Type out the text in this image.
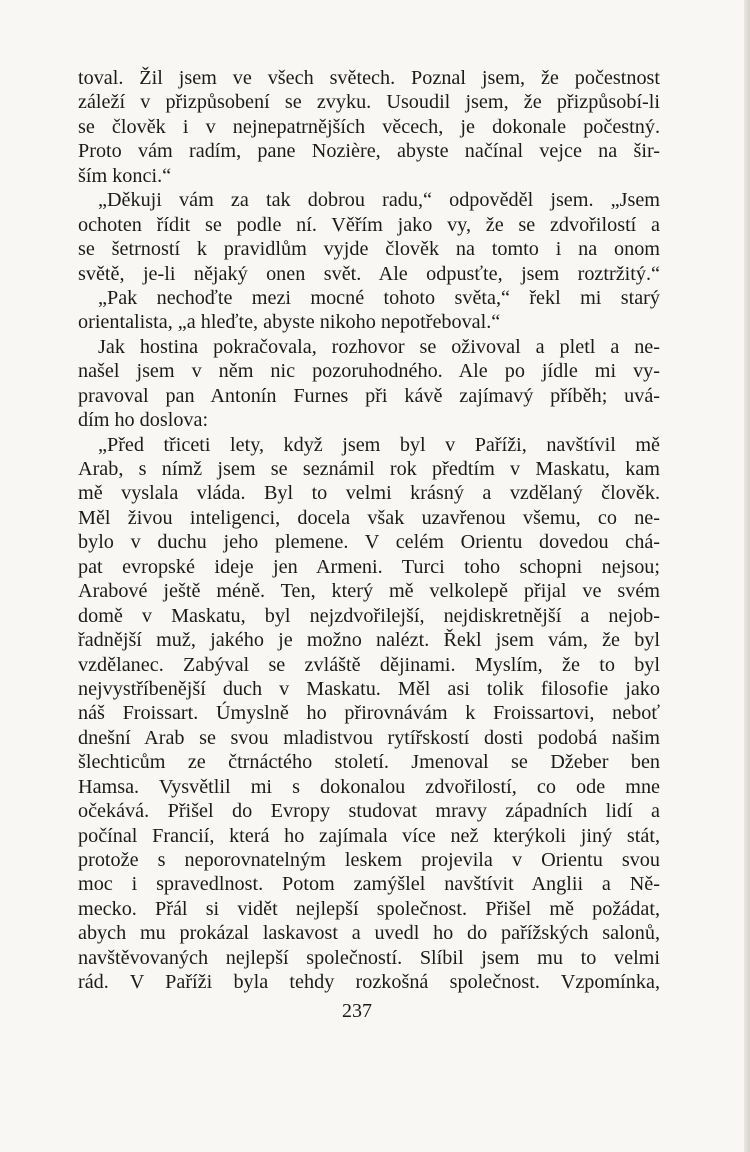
toval. Žil jsem ve všech světech. Poznal jsem, že počestnost
záleží v přizpůsobení se zvyku. Usoudil jsem, že přizpůsobí-li
se člověk i v nejnepatrnějších věcech, je dokonale počestný.
Proto vám radím, pane Nozière, abyste načínal vejce na šir-
ším konci.“
„Děkuji vám za tak dobrou radu,“ odpověděl jsem. „Jsem
ochoten řídit se podle ní. Věřím jako vy, že se zdvořilostí a
se šetrností k pravidlům vyjde člověk na tomto i na onom
světě, je-li nějaký onen svět. Ale odpusťte, jsem roztržitý.“
„Pak nechoďte mezi mocné tohoto světa,“ řekl mi starý
orientalista, „a hleďte, abyste nikoho nepotřeboval.“
Jak hostina pokračovala, rozhovor se oživoval a pletl a ne-
našel jsem v něm nic pozoruhodného. Ale po jídle mi vy-
pravoval pan Antonín Furnes při kávě zajímavý příběh; uvá-
dím ho doslova:
„Před třiceti lety, když jsem byl v Paříži, navštívil mě
Arab, s nímž jsem se seznámil rok předtím v Maskatu, kam
mě vyslala vláda. Byl to velmi krásný a vzdělaný člověk.
Měl živou inteligenci, docela však uzavřenou všemu, co ne-
bylo v duchu jeho plemene. V celém Orientu dovedou chá-
pat evropské ideje jen Armeni. Turci toho schopni nejsou;
Arabové ještě méně. Ten, který mě velkolepě přijal ve svém
domě v Maskatu, byl nejzdvořilejší, nejdiskretnější a nejob-
řadnější muž, jakého je možno nalézt. Řekl jsem vám, že byl
vzdělanec. Zabýval se zvláště dějinami. Myslím, že to byl
nejvystříbenější duch v Maskatu. Měl asi tolik filosofie jako
náš Froissart. Úmyslně ho přirovnávám k Froissartovi, neboť
dnešní Arab se svou mladistvou rytířskostí dosti podobá našim
šlechticům ze čtrnáctého století. Jmenoval se Džeber ben
Hamsa. Vysvětlil mi s dokonalou zdvořilostí, co ode mne
očekává. Přišel do Evropy studovat mravy západních lidí a
počínal Francií, která ho zajímala více než kterýkoli jiný stát,
protože s neporovnatelným leskem projevila v Orientu svou
moc i spravedlnost. Potom zamýšlel navštívit Anglii a Ně-
mecko. Přál si vidět nejlepší společnost. Přišel mě požádat,
abych mu prokázal laskavost a uvedl ho do pařížských salonů,
navštěvovaných nejlepší společností. Slíbil jsem mu to velmi
rád. V Paříži byla tehdy rozkošná společnost. Vzpomínka,
237
